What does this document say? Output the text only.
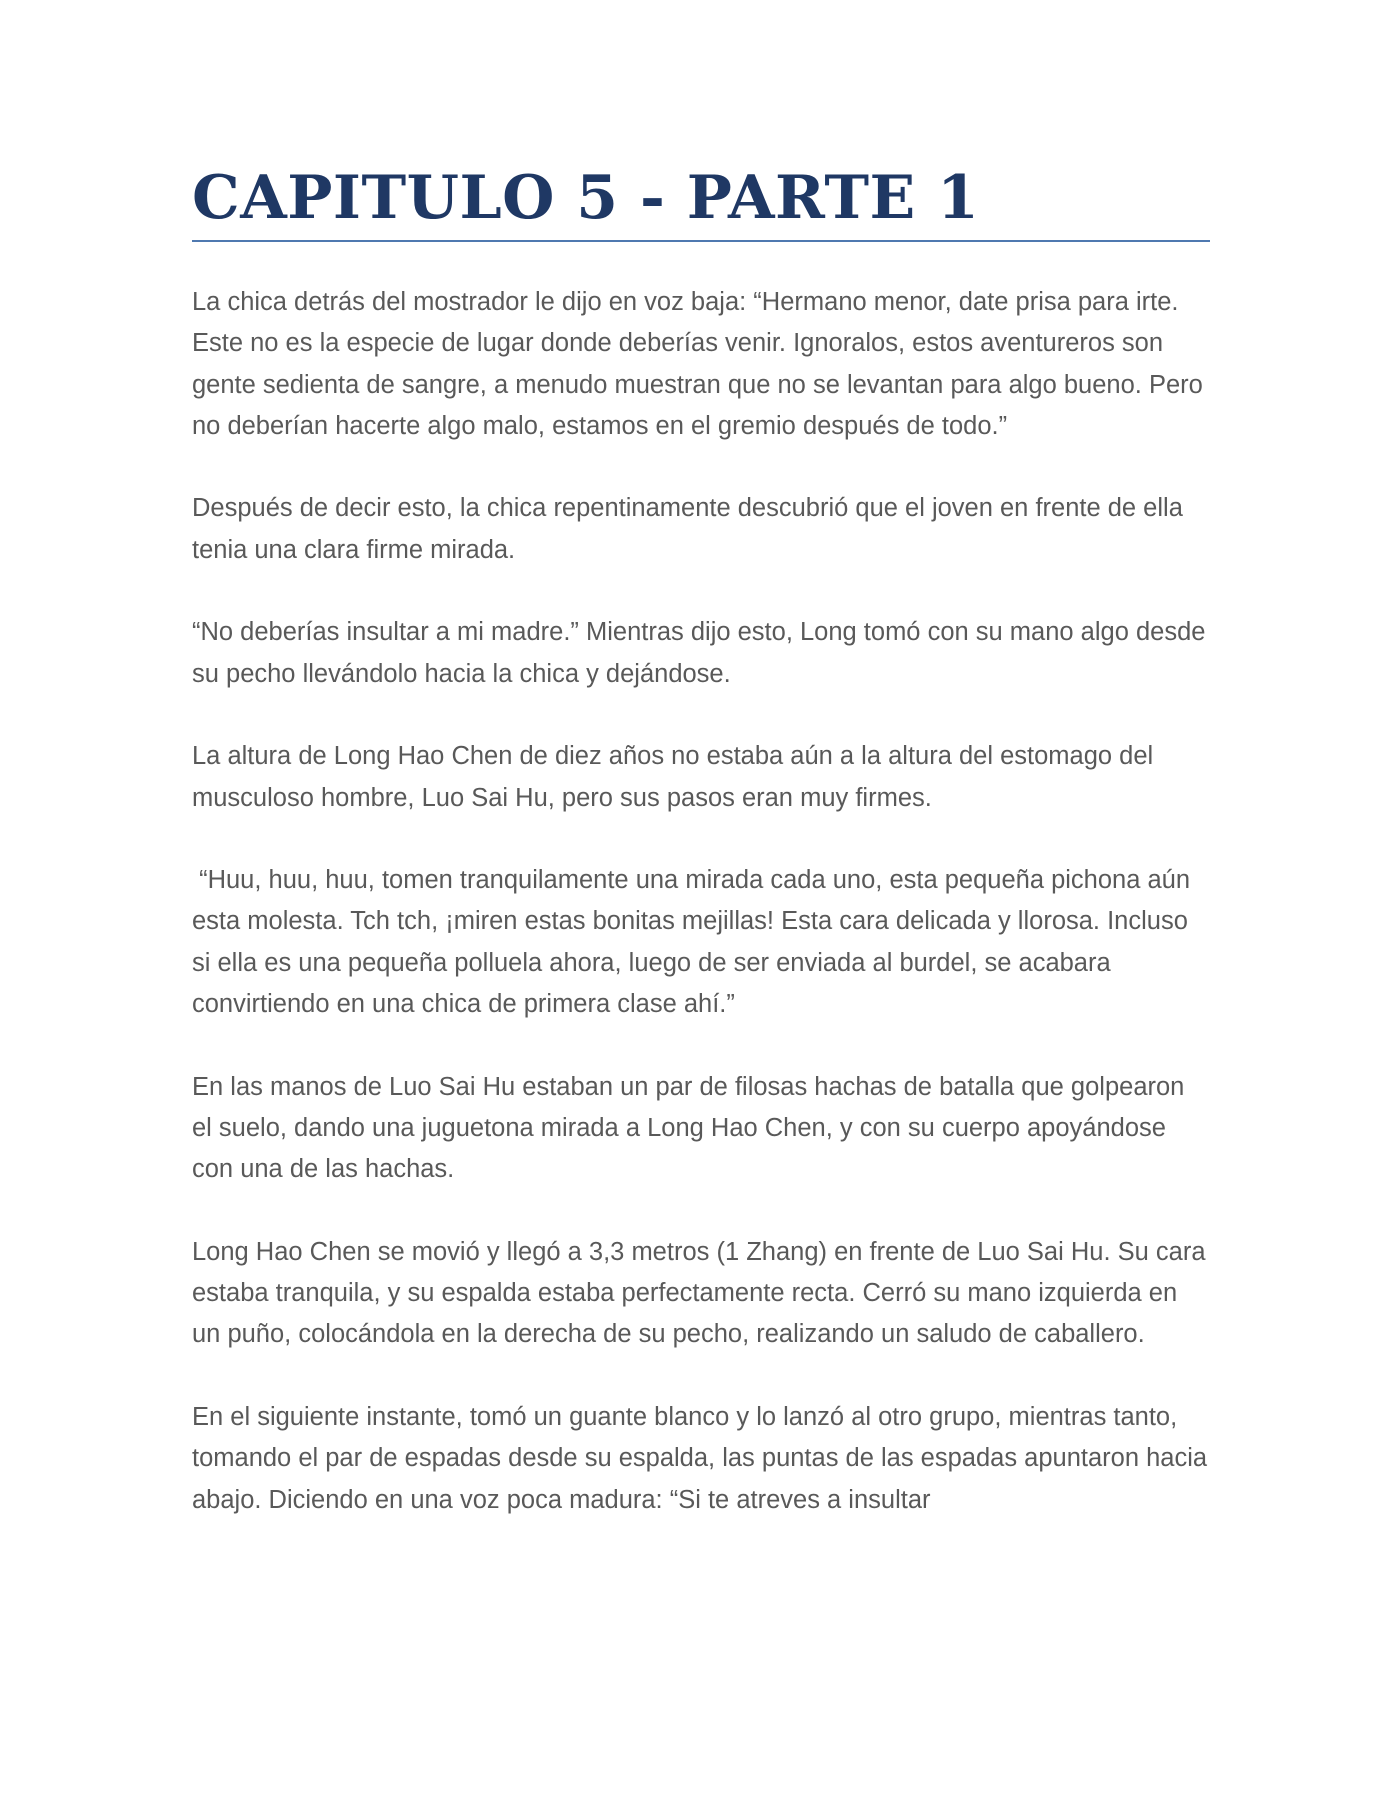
CAPITULO 5 - PARTE 1

La chica detrás del mostrador le dijo en voz baja: “Hermano menor, date prisa para irte. Este no es la especie de lugar donde deberías venir. Ignoralos, estos aventureros son gente sedienta de sangre, a menudo muestran que no se levantan para algo bueno. Pero no deberían hacerte algo malo, estamos en el gremio después de todo.”

Después de decir esto, la chica repentinamente descubrió que el joven en frente de ella tenia una clara firme mirada.

“No deberías insultar a mi madre.” Mientras dijo esto, Long tomó con su mano algo desde su pecho llevándolo hacia la chica y dejándose.

La altura de Long Hao Chen de diez años no estaba aún a la altura del estomago del musculoso hombre, Luo Sai Hu, pero sus pasos eran muy firmes.

“Huu, huu, huu, tomen tranquilamente una mirada cada uno, esta pequeña pichona aún esta molesta. Tch tch, ¡miren estas bonitas mejillas! Esta cara delicada y llorosa. Incluso si ella es una pequeña polluela ahora, luego de ser enviada al burdel, se acabara convirtiendo en una chica de primera clase ahí.”

En las manos de Luo Sai Hu estaban un par de filosas hachas de batalla que golpearon el suelo, dando una juguetona mirada a Long Hao Chen, y con su cuerpo apoyándose con una de las hachas.

Long Hao Chen se movió y llegó a 3,3 metros (1 Zhang) en frente de Luo Sai Hu. Su cara estaba tranquila, y su espalda estaba perfectamente recta. Cerró su mano izquierda en un puño, colocándola en la derecha de su pecho, realizando un saludo de caballero.

En el siguiente instante, tomó un guante blanco y lo lanzó al otro grupo, mientras tanto, tomando el par de espadas desde su espalda, las puntas de las espadas apuntaron hacia abajo. Diciendo en una voz poca madura: “Si te atreves a insultar
